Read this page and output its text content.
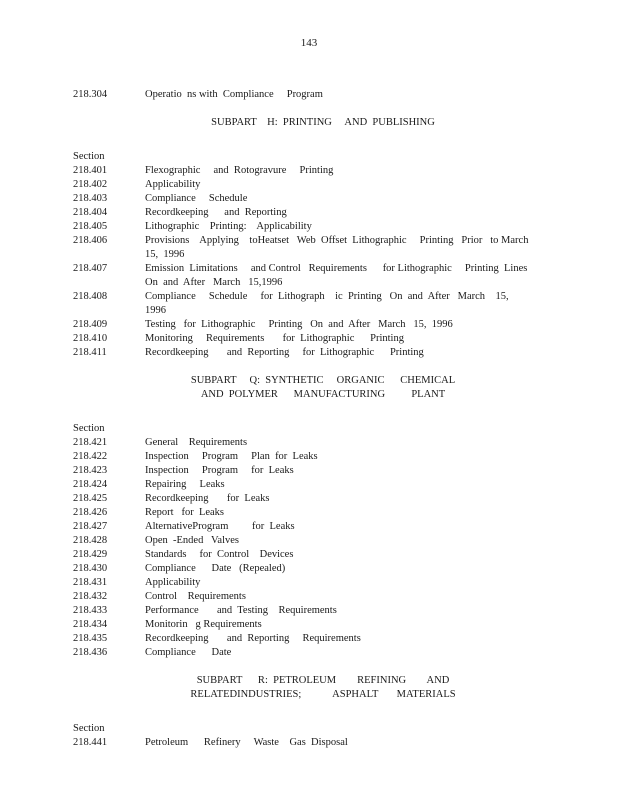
143
218.304	Operatio  ns with  Compliance     Program
SUBPART    H:  PRINTING     AND  PUBLISHING
Section
218.401	Flexographic     and  Rotogravure     Printing
218.402	Applicability
218.403	Compliance     Schedule
218.404	Recordkeeping      and  Reporting
218.405	Lithographic    Printing:    Applicability
218.406	Provisions    Applying    toHeatset   Web  Offset  Lithographic     Printing   Prior   to March
15,  1996
218.407	Emission  Limitations     and Control   Requirements      for Lithographic     Printing  Lines
On  and  After   March   15,1996
218.408	Compliance     Schedule     for  Lithograph    ic  Printing   On  and  After   March    15,  1996
218.409	Testing   for  Lithographic     Printing   On  and  After   March   15,  1996
218.410	Monitoring     Requirements       for  Lithographic      Printing
218.411	Recordkeeping       and  Reporting     for  Lithographic      Printing
SUBPART     Q:  SYNTHETIC     ORGANIC      CHEMICAL
AND  POLYMER      MANUFACTURING          PLANT
Section
218.421	General    Requirements
218.422	Inspection     Program     Plan  for  Leaks
218.423	Inspection     Program     for  Leaks
218.424	Repairing     Leaks
218.425	Recordkeeping       for  Leaks
218.426	Report   for  Leaks
218.427	AlternativeProgram         for  Leaks
218.428	Open  -Ended   Valves
218.429	Standards     for  Control    Devices
218.430	Compliance      Date   (Repealed)
218.431	Applicability
218.432	Control    Requirements
218.433	Performance       and  Testing    Requirements
218.434	Monitorin   g Requirements
218.435	Recordkeeping       and  Reporting     Requirements
218.436	Compliance      Date
SUBPART      R:  PETROLEUM        REFINING        AND
RELATEDINDUSTRIES;            ASPHALT       MATERIALS
Section
218.441	Petroleum      Refinery     Waste    Gas  Disposal
